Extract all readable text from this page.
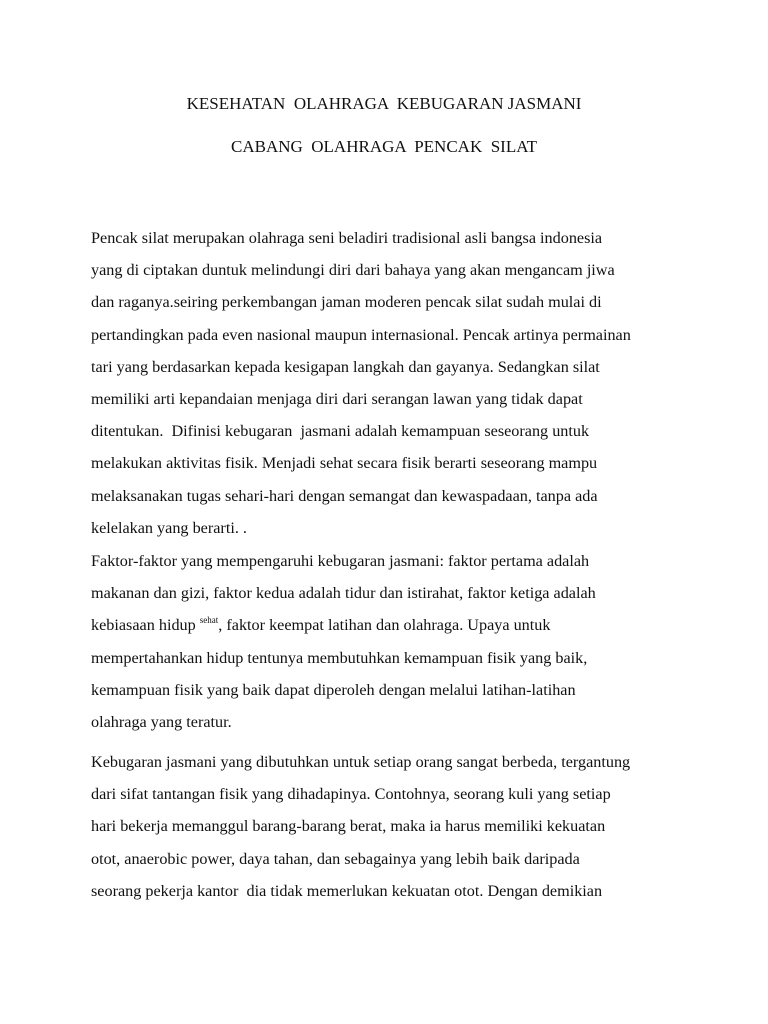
KESEHATAN  OLAHRAGA  KEBUGARAN JASMANI
CABANG  OLAHRAGA  PENCAK  SILAT

Pencak silat merupakan olahraga seni beladiri tradisional asli bangsa indonesia
yang di ciptakan duntuk melindungi diri dari bahaya yang akan mengancam jiwa
dan raganya.seiring perkembangan jaman moderen pencak silat sudah mulai di
pertandingkan pada even nasional maupun internasional. Pencak artinya permainan
tari yang berdasarkan kepada kesigapan langkah dan gayanya. Sedangkan silat
memiliki arti kepandaian menjaga diri dari serangan lawan yang tidak dapat
ditentukan.  Difinisi kebugaran  jasmani adalah kemampuan seseorang untuk
melakukan aktivitas fisik. Menjadi sehat secara fisik berarti seseorang mampu
melaksanakan tugas sehari-hari dengan semangat dan kewaspadaan, tanpa ada
kelelakan yang berarti. .

Faktor-faktor yang mempengaruhi kebugaran jasmani: faktor pertama adalah
makanan dan gizi, faktor kedua adalah tidur dan istirahat, faktor ketiga adalah
kebiasaan hidup $^{sehat}$, faktor keempat latihan dan olahraga. Upaya untuk
mempertahankan hidup tentunya membutuhkan kemampuan fisik yang baik,
kemampuan fisik yang baik dapat diperoleh dengan melalui latihan-latihan
olahraga yang teratur.

Kebugaran jasmani yang dibutuhkan untuk setiap orang sangat berbeda, tergantung
dari sifat tantangan fisik yang dihadapinya. Contohnya, seorang kuli yang setiap
hari bekerja memanggul barang-barang berat, maka ia harus memiliki kekuatan
otot, anaerobic power, daya tahan, dan sebagainya yang lebih baik daripada
seorang pekerja kantor  dia tidak memerlukan kekuatan otot. Dengan demikian
